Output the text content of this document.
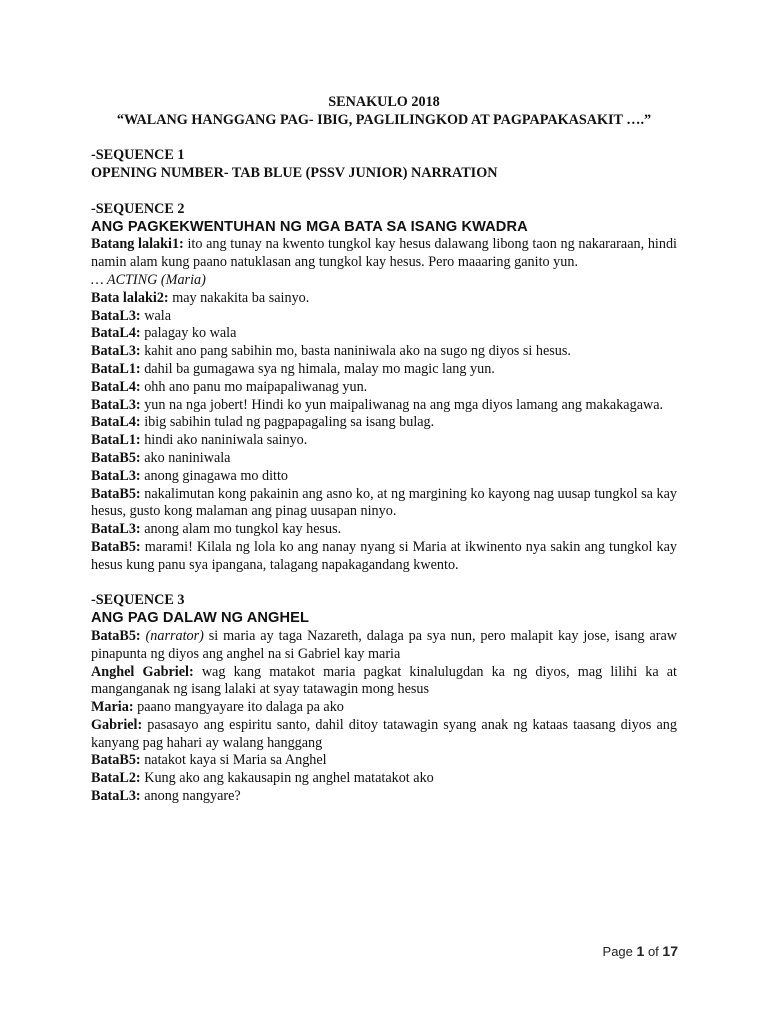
SENAKULO 2018
“WALANG HANGGANG PAG- IBIG, PAGLILINGKOD AT PAGPAPAKASAKIT ….”
-SEQUENCE 1
OPENING NUMBER- TAB BLUE (PSSV JUNIOR) NARRATION
-SEQUENCE 2
ANG PAGKEKWENTUHAN NG MGA BATA SA ISANG KWADRA
Batang lalaki1: ito ang tunay na kwento tungkol kay hesus dalawang libong taon ng nakararaan, hindi namin alam kung paano natuklasan ang tungkol kay hesus. Pero maaaring ganito yun.
… ACTING (Maria)
Bata lalaki2: may nakakita ba sainyo.
BataL3: wala
BataL4: palagay ko wala
BataL3: kahit ano pang sabihin mo, basta naniniwala ako na sugo ng diyos si hesus.
BataL1: dahil ba gumagawa sya ng himala, malay mo magic lang yun.
BataL4: ohh ano panu mo maipapaliwanag yun.
BataL3: yun na nga jobert! Hindi ko yun maipaliwanag na ang mga diyos lamang ang makakagawa.
BataL4: ibig sabihin tulad ng pagpapagaling sa isang bulag.
BataL1: hindi ako naniniwala sainyo.
BataB5: ako naniniwala
BataL3: anong ginagawa mo ditto
BataB5: nakalimutan kong pakainin ang asno ko, at ng margining ko kayong nag uusap tungkol sa kay hesus, gusto kong malaman ang pinag uusapan ninyo.
BataL3: anong alam mo tungkol kay hesus.
BataB5: marami! Kilala ng lola ko ang nanay nyang si Maria at ikwinento nya sakin ang tungkol kay hesus kung panu sya ipangana, talagang napakagandang kwento.
-SEQUENCE 3
ANG PAG DALAW NG ANGHEL
BataB5: (narrator) si maria ay taga Nazareth, dalaga pa sya nun, pero malapit kay jose, isang araw pinapunta ng diyos ang anghel na si Gabriel kay maria
Anghel Gabriel: wag kang matakot maria pagkat kinalulugdan ka ng diyos, mag lilihi ka at manganganak ng isang lalaki at syay tatawagin mong hesus
Maria: paano mangyayare ito dalaga pa ako
Gabriel: pasasayo ang espiritu santo, dahil ditoy tatawagin syang anak ng kataas taasang diyos ang kanyang pag hahari ay walang hanggang
BataB5: natakot kaya si Maria sa Anghel
BataL2: Kung ako ang kakausapin ng anghel matatakot ako
BataL3: anong nangyare?
Page 1 of 17
